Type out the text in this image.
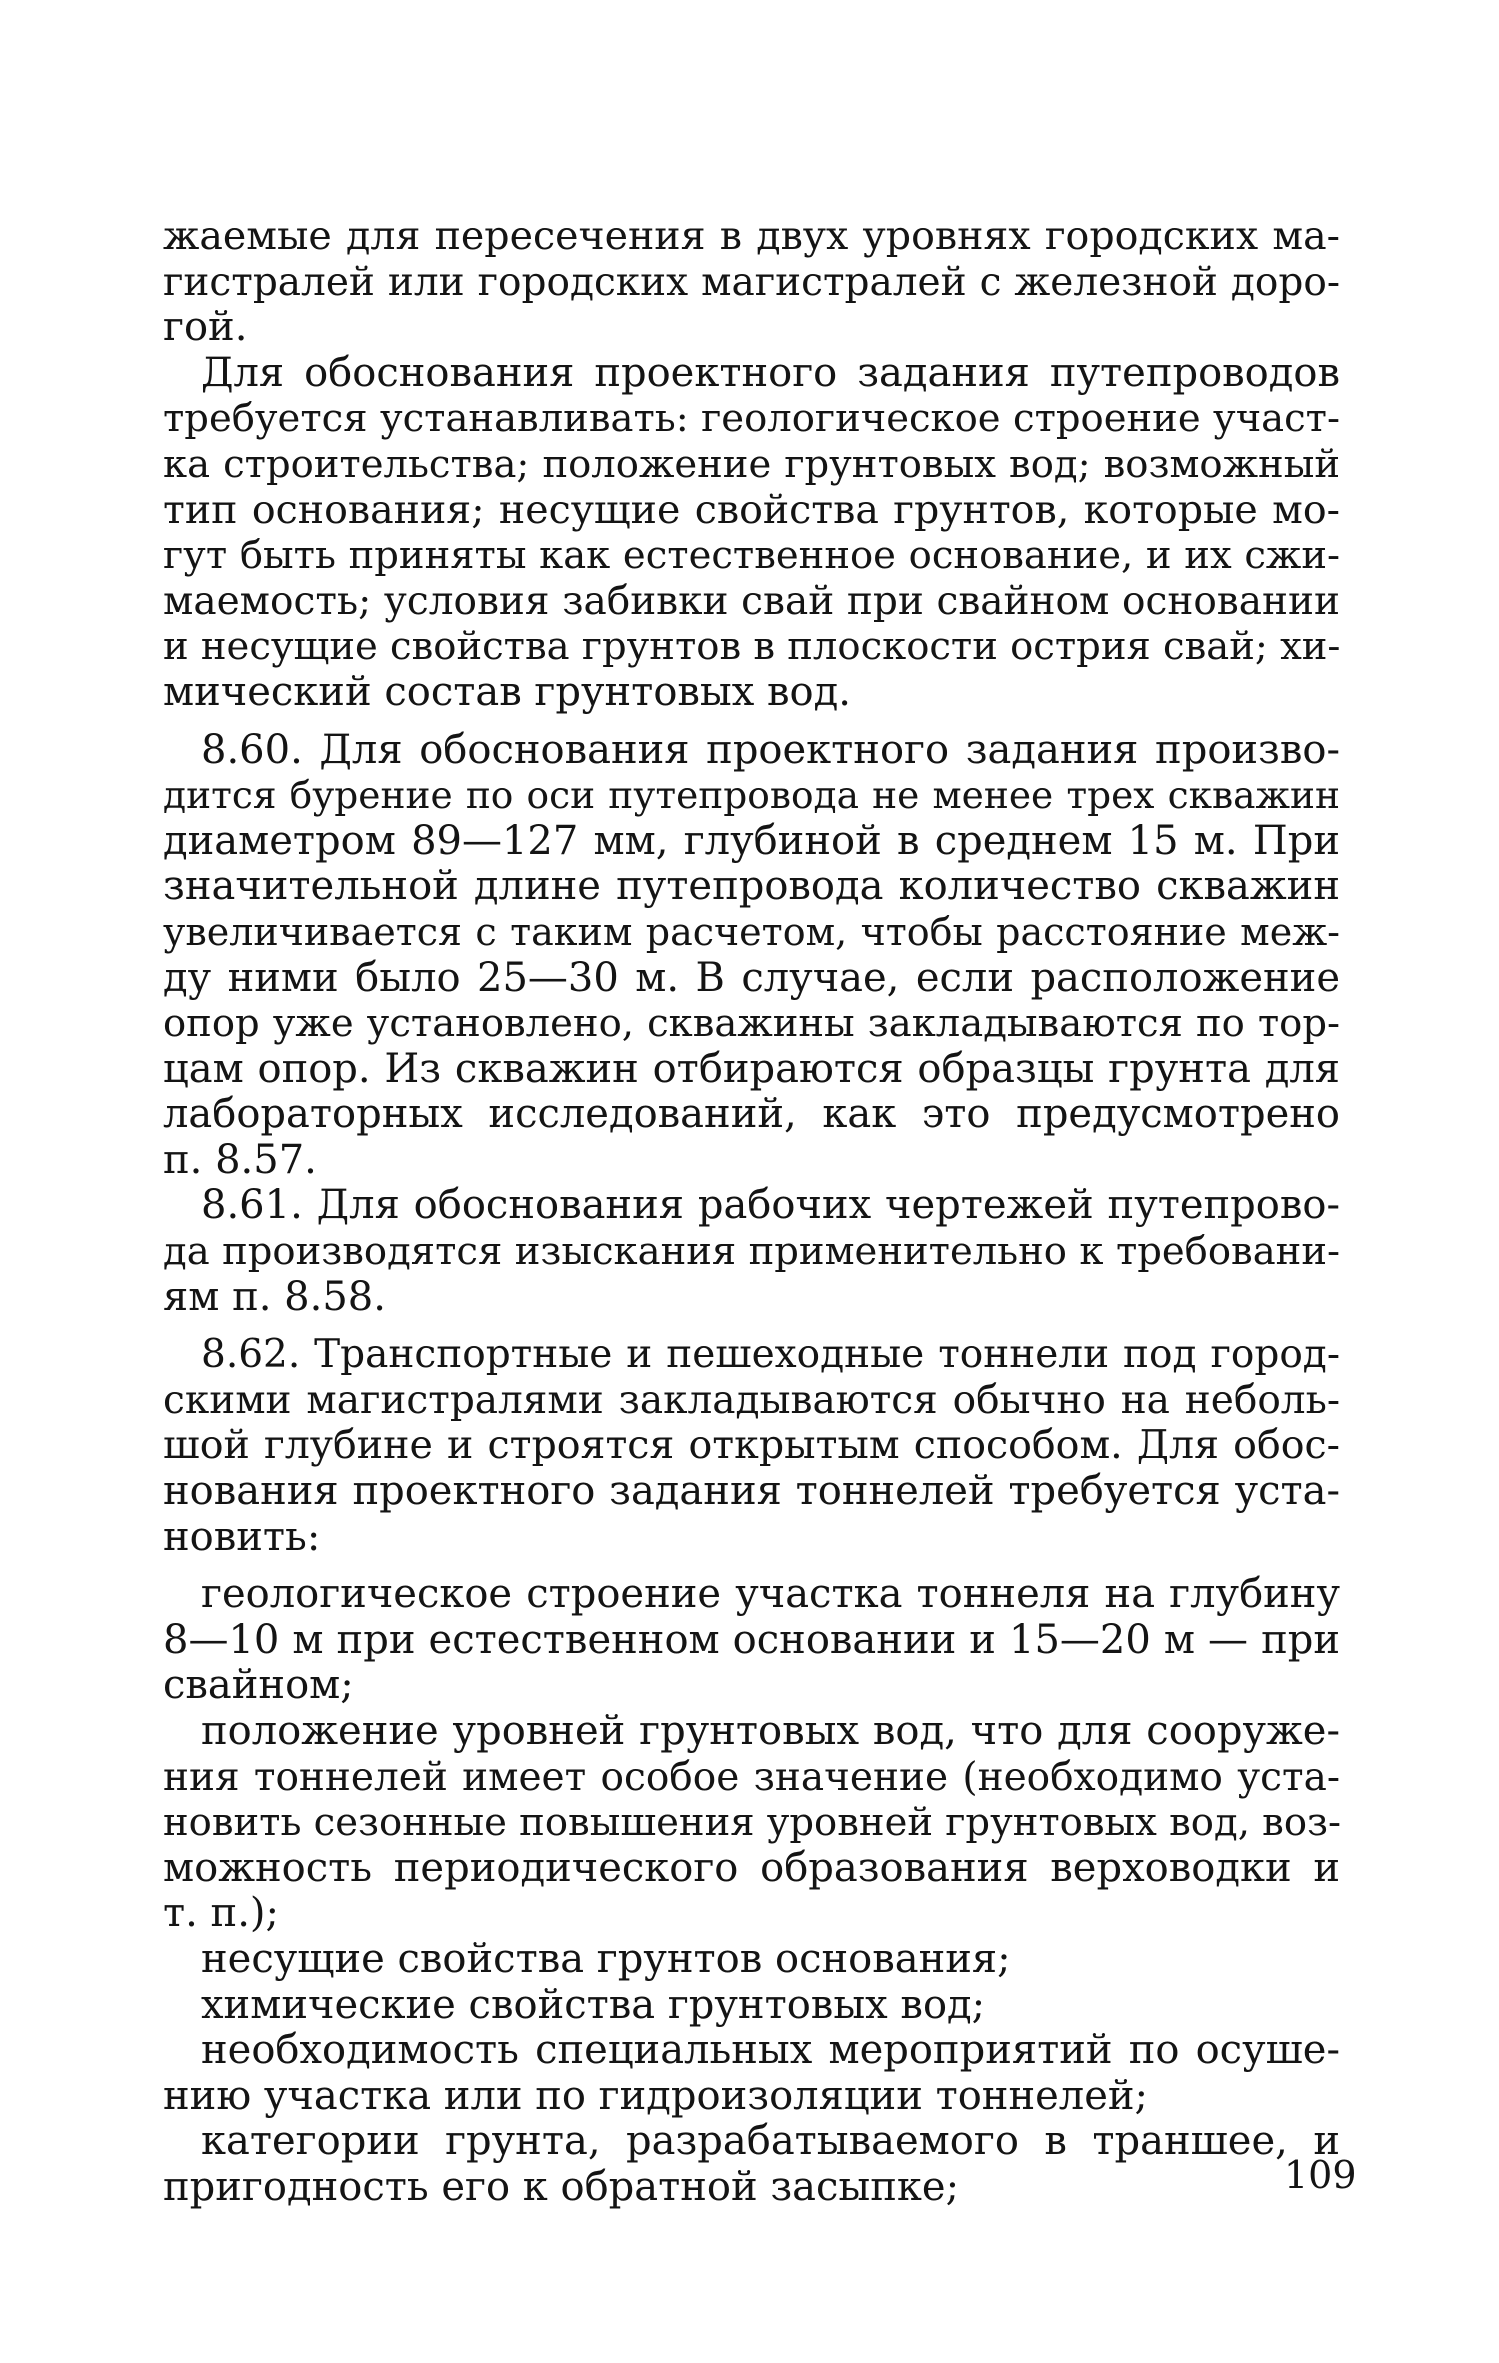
жаемые для пересечения в двух уровнях городских ма-
гистралей или городских магистралей с железной доро-
гой.
Для обоснования проектного задания путепроводов
требуется устанавливать: геологическое строение участ-
ка строительства; положение грунтовых вод; возможный
тип основания; несущие свойства грунтов, которые мо-
гут быть приняты как естественное основание, и их сжи-
маемость; условия забивки свай при свайном основании
и несущие свойства грунтов в плоскости острия свай; хи-
мический состав грунтовых вод.
8.60. Для обоснования проектного задания произво-
дится бурение по оси путепровода не менее трех скважин
диаметром 89—127 мм, глубиной в среднем 15 м. При
значительной длине путепровода количество скважин
увеличивается с таким расчетом, чтобы расстояние меж-
ду ними было 25—30 м. В случае, если расположение
опор уже установлено, скважины закладываются по тор-
цам опор. Из скважин отбираются образцы грунта для
лабораторных исследований, как это предусмотрено
п. 8.57.
8.61. Для обоснования рабочих чертежей путепрово-
да производятся изыскания применительно к требовани-
ям п. 8.58.
8.62. Транспортные и пешеходные тоннели под город-
скими магистралями закладываются обычно на неболь-
шой глубине и строятся открытым способом. Для обос-
нования проектного задания тоннелей требуется уста-
новить:
геологическое строение участка тоннеля на глубину
8—10 м при естественном основании и 15—20 м — при
свайном;
положение уровней грунтовых вод, что для сооруже-
ния тоннелей имеет особое значение (необходимо уста-
новить сезонные повышения уровней грунтовых вод, воз-
можность периодического образования верховодки и
т. п.);
несущие свойства грунтов основания;
химические свойства грунтовых вод;
необходимость специальных мероприятий по осуше-
нию участка или по гидроизоляции тоннелей;
категории грунта, разрабатываемого в траншее, и
пригодность его к обратной засыпке;	109
